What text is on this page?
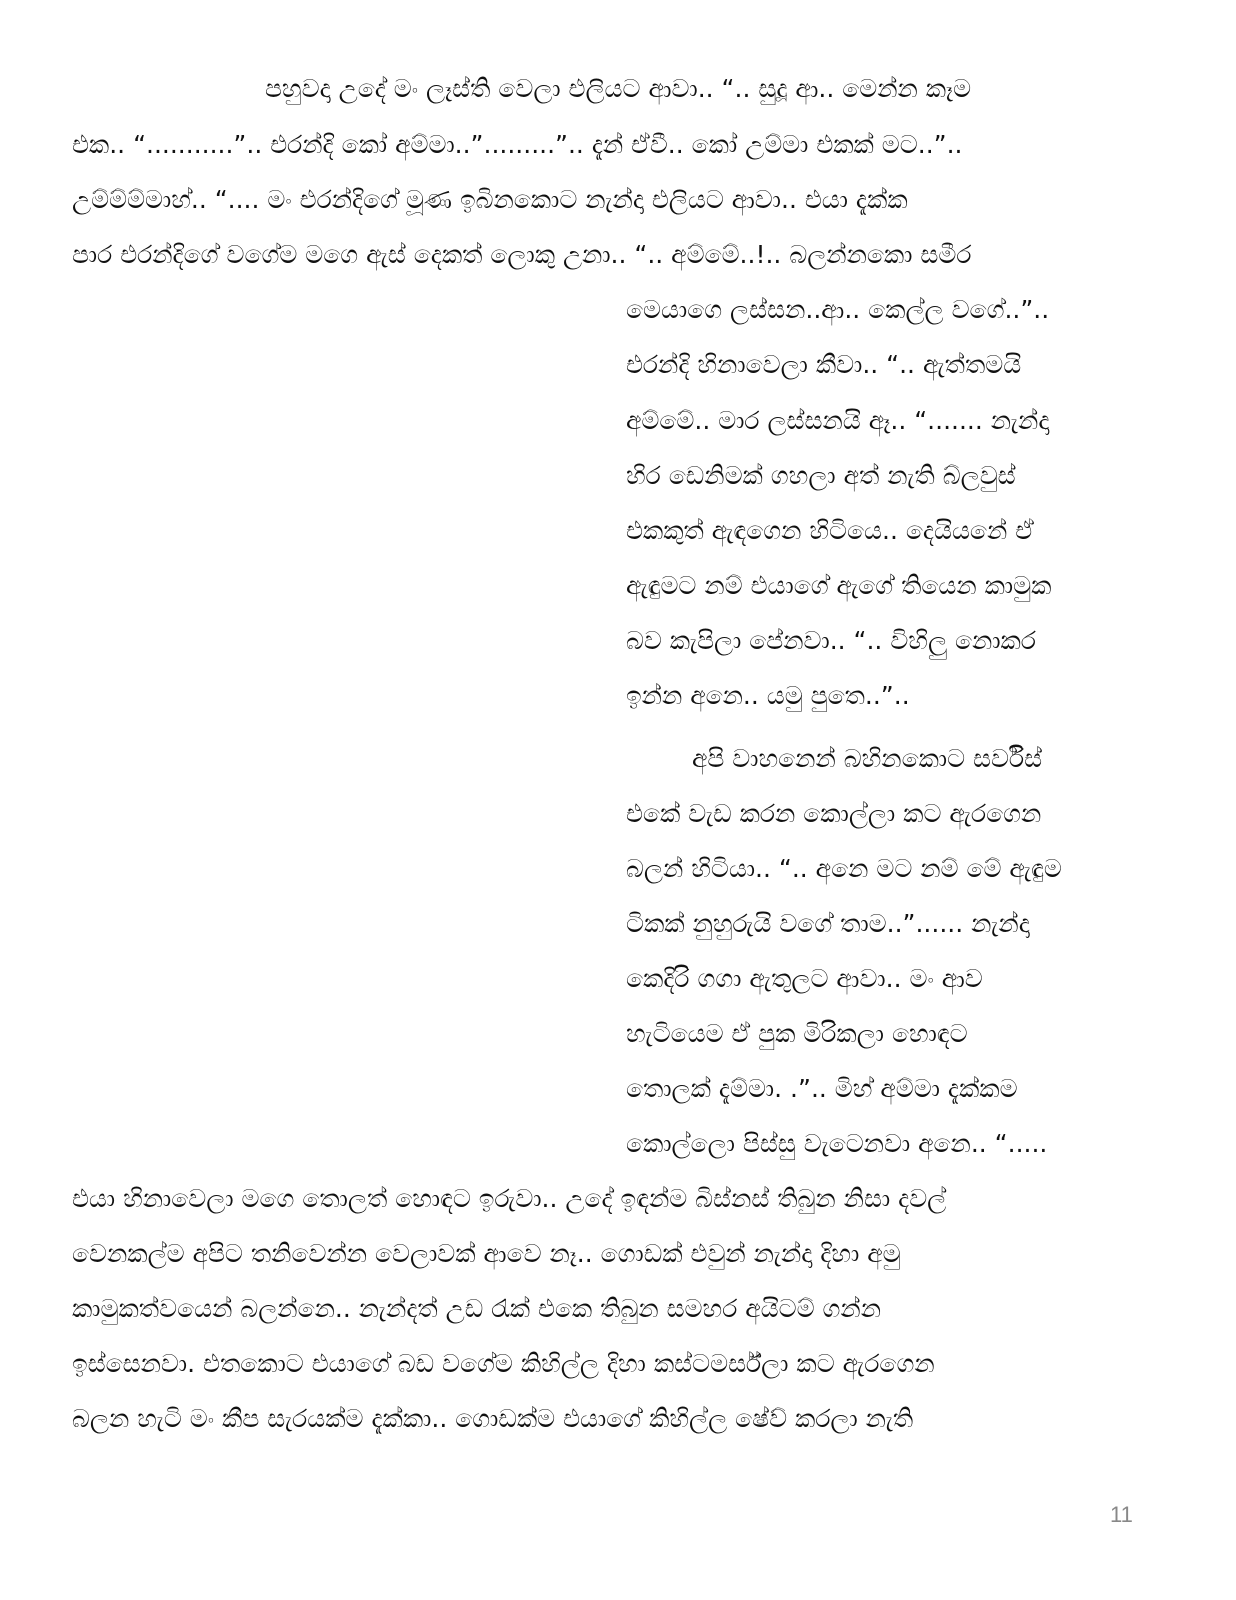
පහුවදා උදේ මං ලෑස්ති වෙලා එලියට ආවා.. “.. සුදූ ආ.. මෙන්න කෑම
එක.. “...........”.. එරන්දි කෝ අම්මා..”.........”.. දැන් ඒවී.. කෝ උම්මා එකක් මට..”..
උම්ම්ම්මාහ්.. “.... මං එරන්දිගේ මූණ ඉබිනකොට නැන්දා එලියට ආවා.. එයා දැක්ක
පාර එරන්දිගේ වගේම මගෙ ඇස් දෙකත් ලොකු උනා.. “.. අම්මේ..!.. බලන්නකො සමීර
මෙයාගෙ ලස්සන..ආ.. කෙල්ල වගේ..”..
එරන්දි හිනාවෙලා කීවා.. “.. ඇත්තමයි
අම්මේ.. මාර ලස්සනයි ඈ.. “....... නැන්දා
හිර ඩෙනිමක් ගහලා අත් නැති බ්ලවුස්
එකකුත් ඇඳගෙන හිටියෙ.. දෙයියනේ ඒ
ඇඳුමට නම් එයාගේ ඇගේ තියෙන කාමුක
බව කැපිලා පේනවා.. “.. විහිලු නොකර
ඉන්න අනෙ.. යමු පුතෙ..”..
අපි වාහනෙන් බහිනකොට සර්විස්
එකේ වැඩ කරන කොල්ලා කට ඇරගෙන
බලන් හිටියා.. “.. අනෙ මට නම් මේ ඇඳුම
ටිකක් නුහුරුයි වගේ තාම..”...... නැන්දා
කෙදිරි ගගා ඇතුලට ආවා.. මං ආව
හැටියෙම ඒ පුක මිරිකලා හොඳට
තොලක් දැම්මා. .”.. මිහ් අම්මා දැක්කම
කොල්ලො පිස්සු වැටෙනවා අනෙ.. “.....
එයා හිනාවෙලා මගෙ තොලත් හොඳට ඉරුවා.. උදේ ඉඳන්ම බිස්නස් තිබුන නිසා දවල්
වෙනකල්ම අපිට තනිවෙන්න වෙලාවක් ආවෙ නෑ.. ගොඩක් එවුන් නැන්දා දිහා අමු
කාමුකත්වයෙන් බලන්නෙ.. නැන්දත් උඩ රැක් එකෙ තිබුන සමහර අයිටම් ගන්න
ඉස්සෙනවා. එතකොට එයාගේ බඩ වගේම කිහිල්ල දිහා කස්ටමර්ස්ලා කට ඇරගෙන
බලන හැටි මං කීප සැරයක්ම දැක්කා.. ගොඩක්ම එයාගේ කිහිල්ල ෂේව් කරලා නැති
11
